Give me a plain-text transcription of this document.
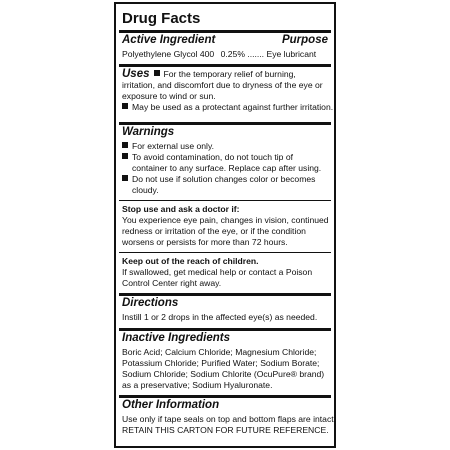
Drug Facts
Active Ingredient	Purpose
Polyethylene Glycol 400 0.25% ....... Eye lubricant
Uses For the temporary relief of burning,
irritation, and discomfort due to dryness of the eye or
exposure to wind or sun.
May be used as a protectant against further irritation.
Warnings
For external use only.
To avoid contamination, do not touch tip of
container to any surface. Replace cap after using.
Do not use if solution changes color or becomes
cloudy.
Stop use and ask a doctor if:
You experience eye pain, changes in vision, continued
redness or irritation of the eye, or if the condition
worsens or persists for more than 72 hours.
Keep out of the reach of children.
If swallowed, get medical help or contact a Poison
Control Center right away.
Directions
Instill 1 or 2 drops in the affected eye(s) as needed.
Inactive Ingredients
Boric Acid; Calcium Chloride; Magnesium Chloride;
Potassium Chloride; Purified Water; Sodium Borate;
Sodium Chloride; Sodium Chlorite (OcuPure® brand)
as a preservative; Sodium Hyaluronate.
Other Information
Use only if tape seals on top and bottom flaps are intact.
RETAIN THIS CARTON FOR FUTURE REFERENCE.
